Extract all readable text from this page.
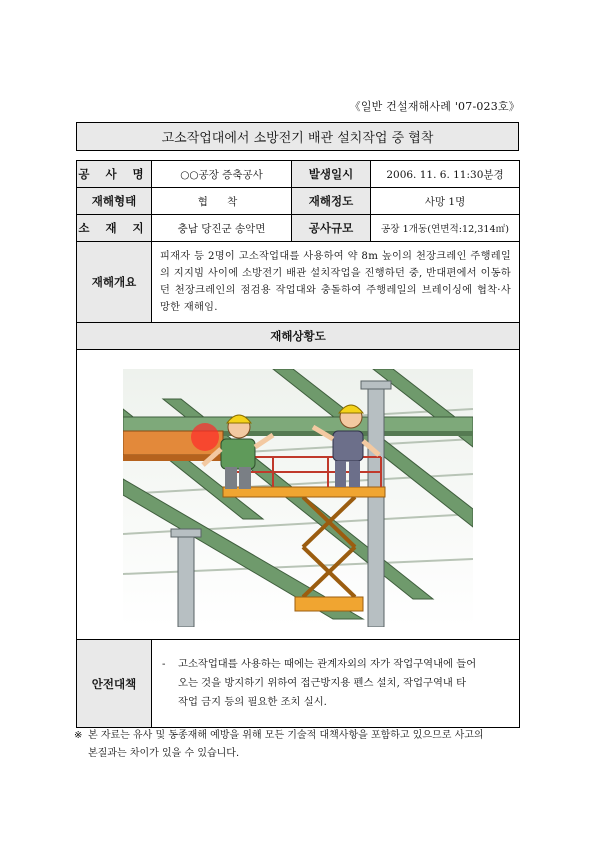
《일반 건설재해사례 '07-023호》
고소작업대에서 소방전기 배관 설치작업 중 협착
공 사 명	○○공장 증축공사	발생일시	2006. 11. 6. 11:30분경
재해형태	협 착	재해정도	사망 1명
소 재 지	충남 당진군 송악면	공사규모	공장 1개동(연면적:12,314㎡)
재해개요	피재자 등 2명이 고소작업대를 사용하여 약 8m 높이의 천장크레인 주행레일의 지지빔 사이에 소방전기 배관 설치작업을 진행하던 중, 반대편에서 이동하던 천장크레인의 점검용 작업대와 충돌하여 주행레일의 브레이싱에 협착·사망한 재해임.		
재해상황도			

안전대책	- 고소작업대를 사용하는 때에는 관계자외의 자가 작업구역내에 들어
오는 것을 방지하기 위하여 접근방지용 펜스 설치, 작업구역내 타
작업 금지 등의 필요한 조치 실시.		
※ 본 자료는 유사 및 동종재해 예방을 위해 모든 기술적 대책사항을 포함하고 있으므로 사고의
본질과는 차이가 있을 수 있습니다.
